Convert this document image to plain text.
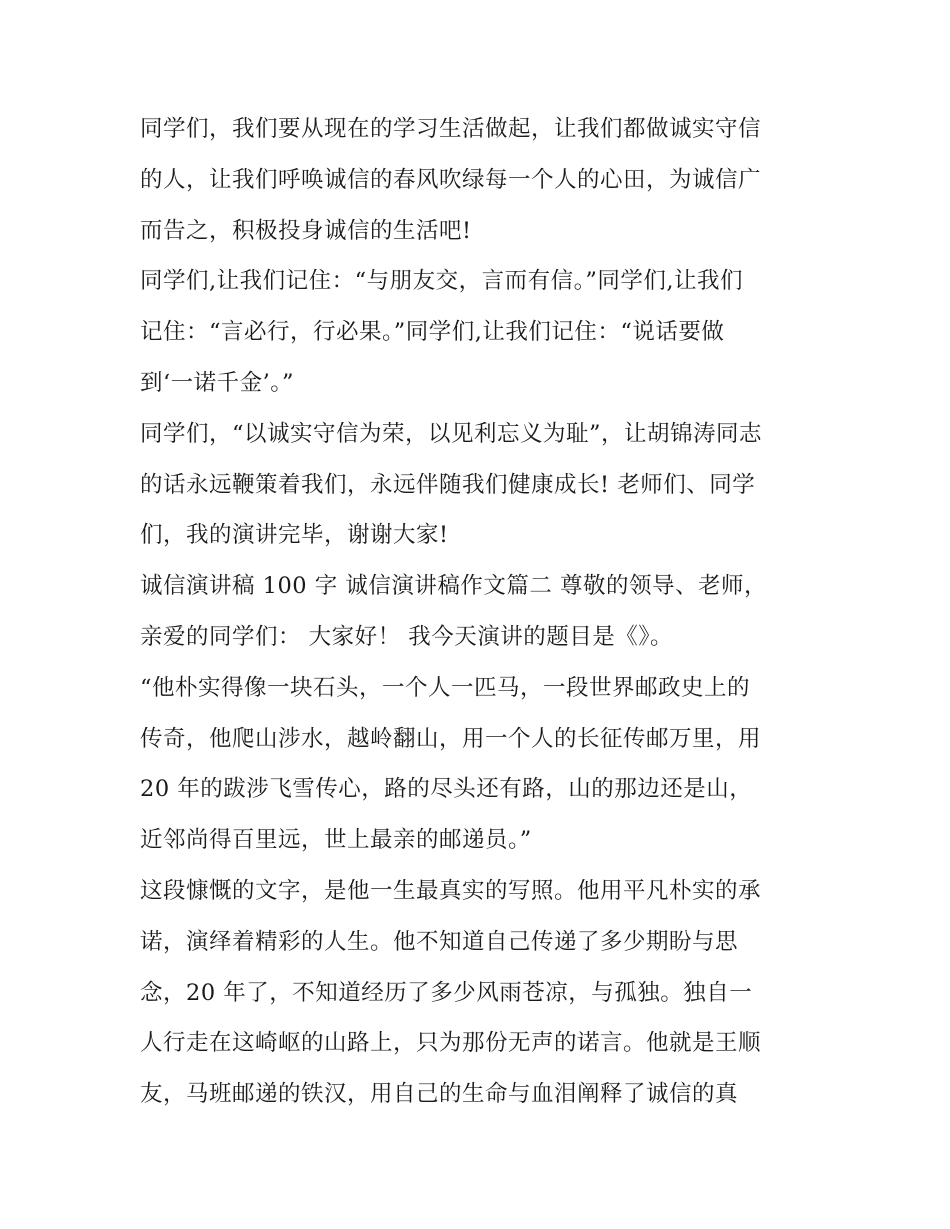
同学们，我们要从现在的学习生活做起，让我们都做诚实守信
的人，让我们呼唤诚信的春风吹绿每一个人的心田，为诚信广
而告之，积极投身诚信的生活吧!
同学们,让我们记住：“与朋友交，言而有信。”同学们,让我们
记住：“言必行，行必果。”同学们,让我们记住：“说话要做
到‘一诺千金’。”
同学们，“以诚实守信为荣，以见利忘义为耻”，让胡锦涛同志
的话永远鞭策着我们，永远伴随我们健康成长! 老师们、同学
们，我的演讲完毕，谢谢大家!
诚信演讲稿 100 字 诚信演讲稿作文篇二 尊敬的领导、老师，
亲爱的同学们： 大家好！ 我今天演讲的题目是《》。
“他朴实得像一块石头，一个人一匹马，一段世界邮政史上的
传奇，他爬山涉水，越岭翻山，用一个人的长征传邮万里，用
20 年的跋涉飞雪传心，路的尽头还有路，山的那边还是山，
近邻尚得百里远，世上最亲的邮递员。”
这段慷慨的文字，是他一生最真实的写照。他用平凡朴实的承
诺，演绎着精彩的人生。他不知道自己传递了多少期盼与思
念，20 年了，不知道经历了多少风雨苍凉，与孤独。独自一
人行走在这崎岖的山路上，只为那份无声的诺言。他就是王顺
友，马班邮递的铁汉，用自己的生命与血泪阐释了诚信的真
